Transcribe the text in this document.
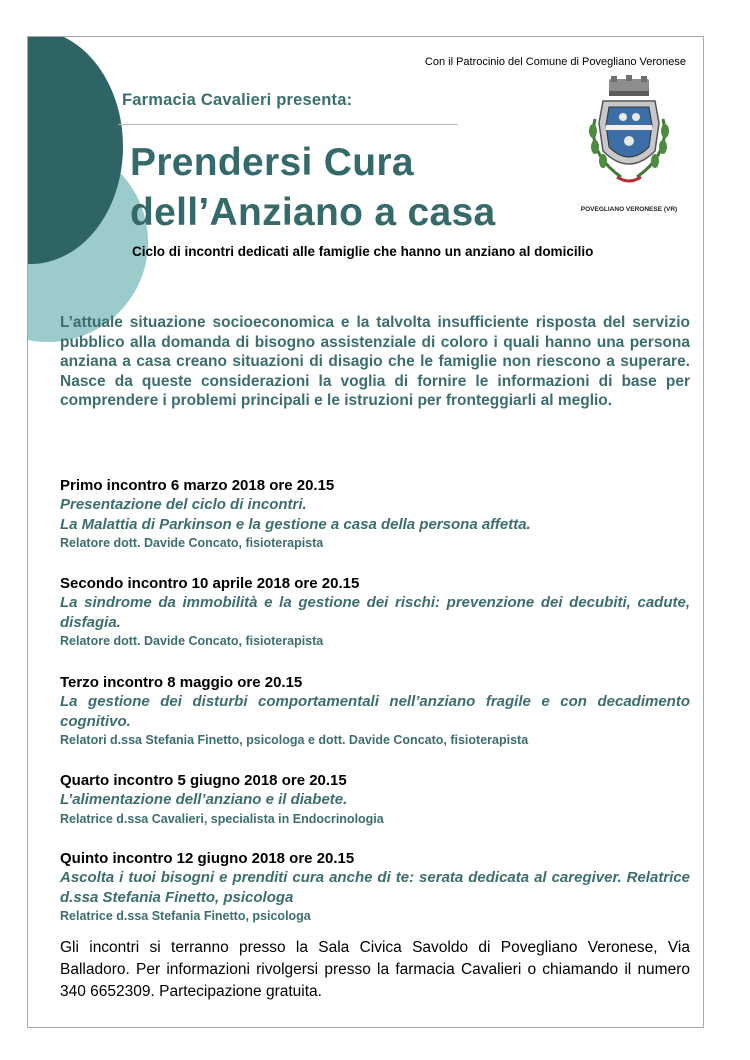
Con il Patrocinio del Comune di Povegliano Veronese
Farmacia Cavalieri presenta:
Prendersi Cura
dell’Anziano a casa	POVEGLIANO VERONESE (VR)
Ciclo di incontri dedicati alle famiglie che hanno un anziano al domicilio
L’attuale situazione socioeconomica e la talvolta insufficiente risposta del servizio pubblico alla domanda di bisogno assistenziale di coloro i quali hanno una persona anziana a casa creano situazioni di disagio che le famiglie non riescono a superare. Nasce da queste considerazioni la voglia di fornire le informazioni di base per comprendere i problemi principali e le istruzioni per fronteggiarli al meglio.
Primo incontro 6 marzo 2018 ore 20.15
Presentazione del ciclo di incontri.
La Malattia di Parkinson e la gestione a casa della persona affetta.
Relatore dott. Davide Concato, fisioterapista
Secondo incontro 10 aprile 2018 ore 20.15
La sindrome da immobilità e la gestione dei rischi: prevenzione dei decubiti, cadute, disfagia.
Relatore dott. Davide Concato, fisioterapista
Terzo incontro 8 maggio ore 20.15
La gestione dei disturbi comportamentali nell’anziano fragile e con decadimento cognitivo.
Relatori d.ssa Stefania Finetto, psicologa e dott. Davide Concato, fisioterapista
Quarto incontro 5 giugno 2018 ore 20.15
L’alimentazione dell’anziano e il diabete.
Relatrice d.ssa Cavalieri, specialista in Endocrinologia
Quinto incontro 12 giugno 2018 ore 20.15
Ascolta i tuoi bisogni e prenditi cura anche di te: serata dedicata al caregiver. Relatrice d.ssa Stefania Finetto, psicologa
Relatrice d.ssa Stefania Finetto, psicologa
Gli incontri si terranno presso la Sala Civica Savoldo di Povegliano Veronese, Via Balladoro. Per informazioni rivolgersi presso la farmacia Cavalieri o chiamando il numero 340 6652309. Partecipazione gratuita.
